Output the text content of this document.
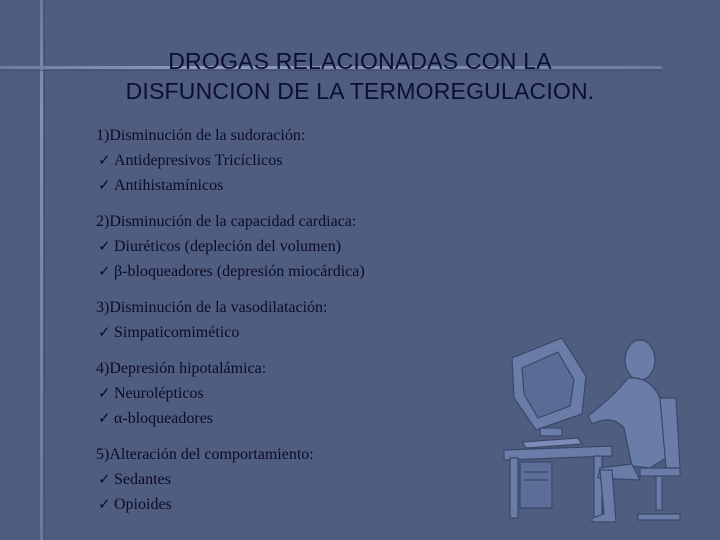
DROGAS RELACIONADAS CON LA
DISFUNCION DE LA TERMOREGULACION.
1)Disminución de la sudoración:
✓ Antidepresivos Tricíclicos
✓ Antihistamínicos
2)Disminución de la capacidad cardiaca:
✓ Diuréticos (depleción del volumen)
✓ β-bloqueadores (depresión miocárdica)
3)Disminución de la vasodilatación:
✓ Simpaticomimético
4)Depresión hipotalámica:
✓ Neurolépticos
✓ α-bloqueadores
5)Alteración del comportamiento:
✓ Sedantes
✓ Opioides
